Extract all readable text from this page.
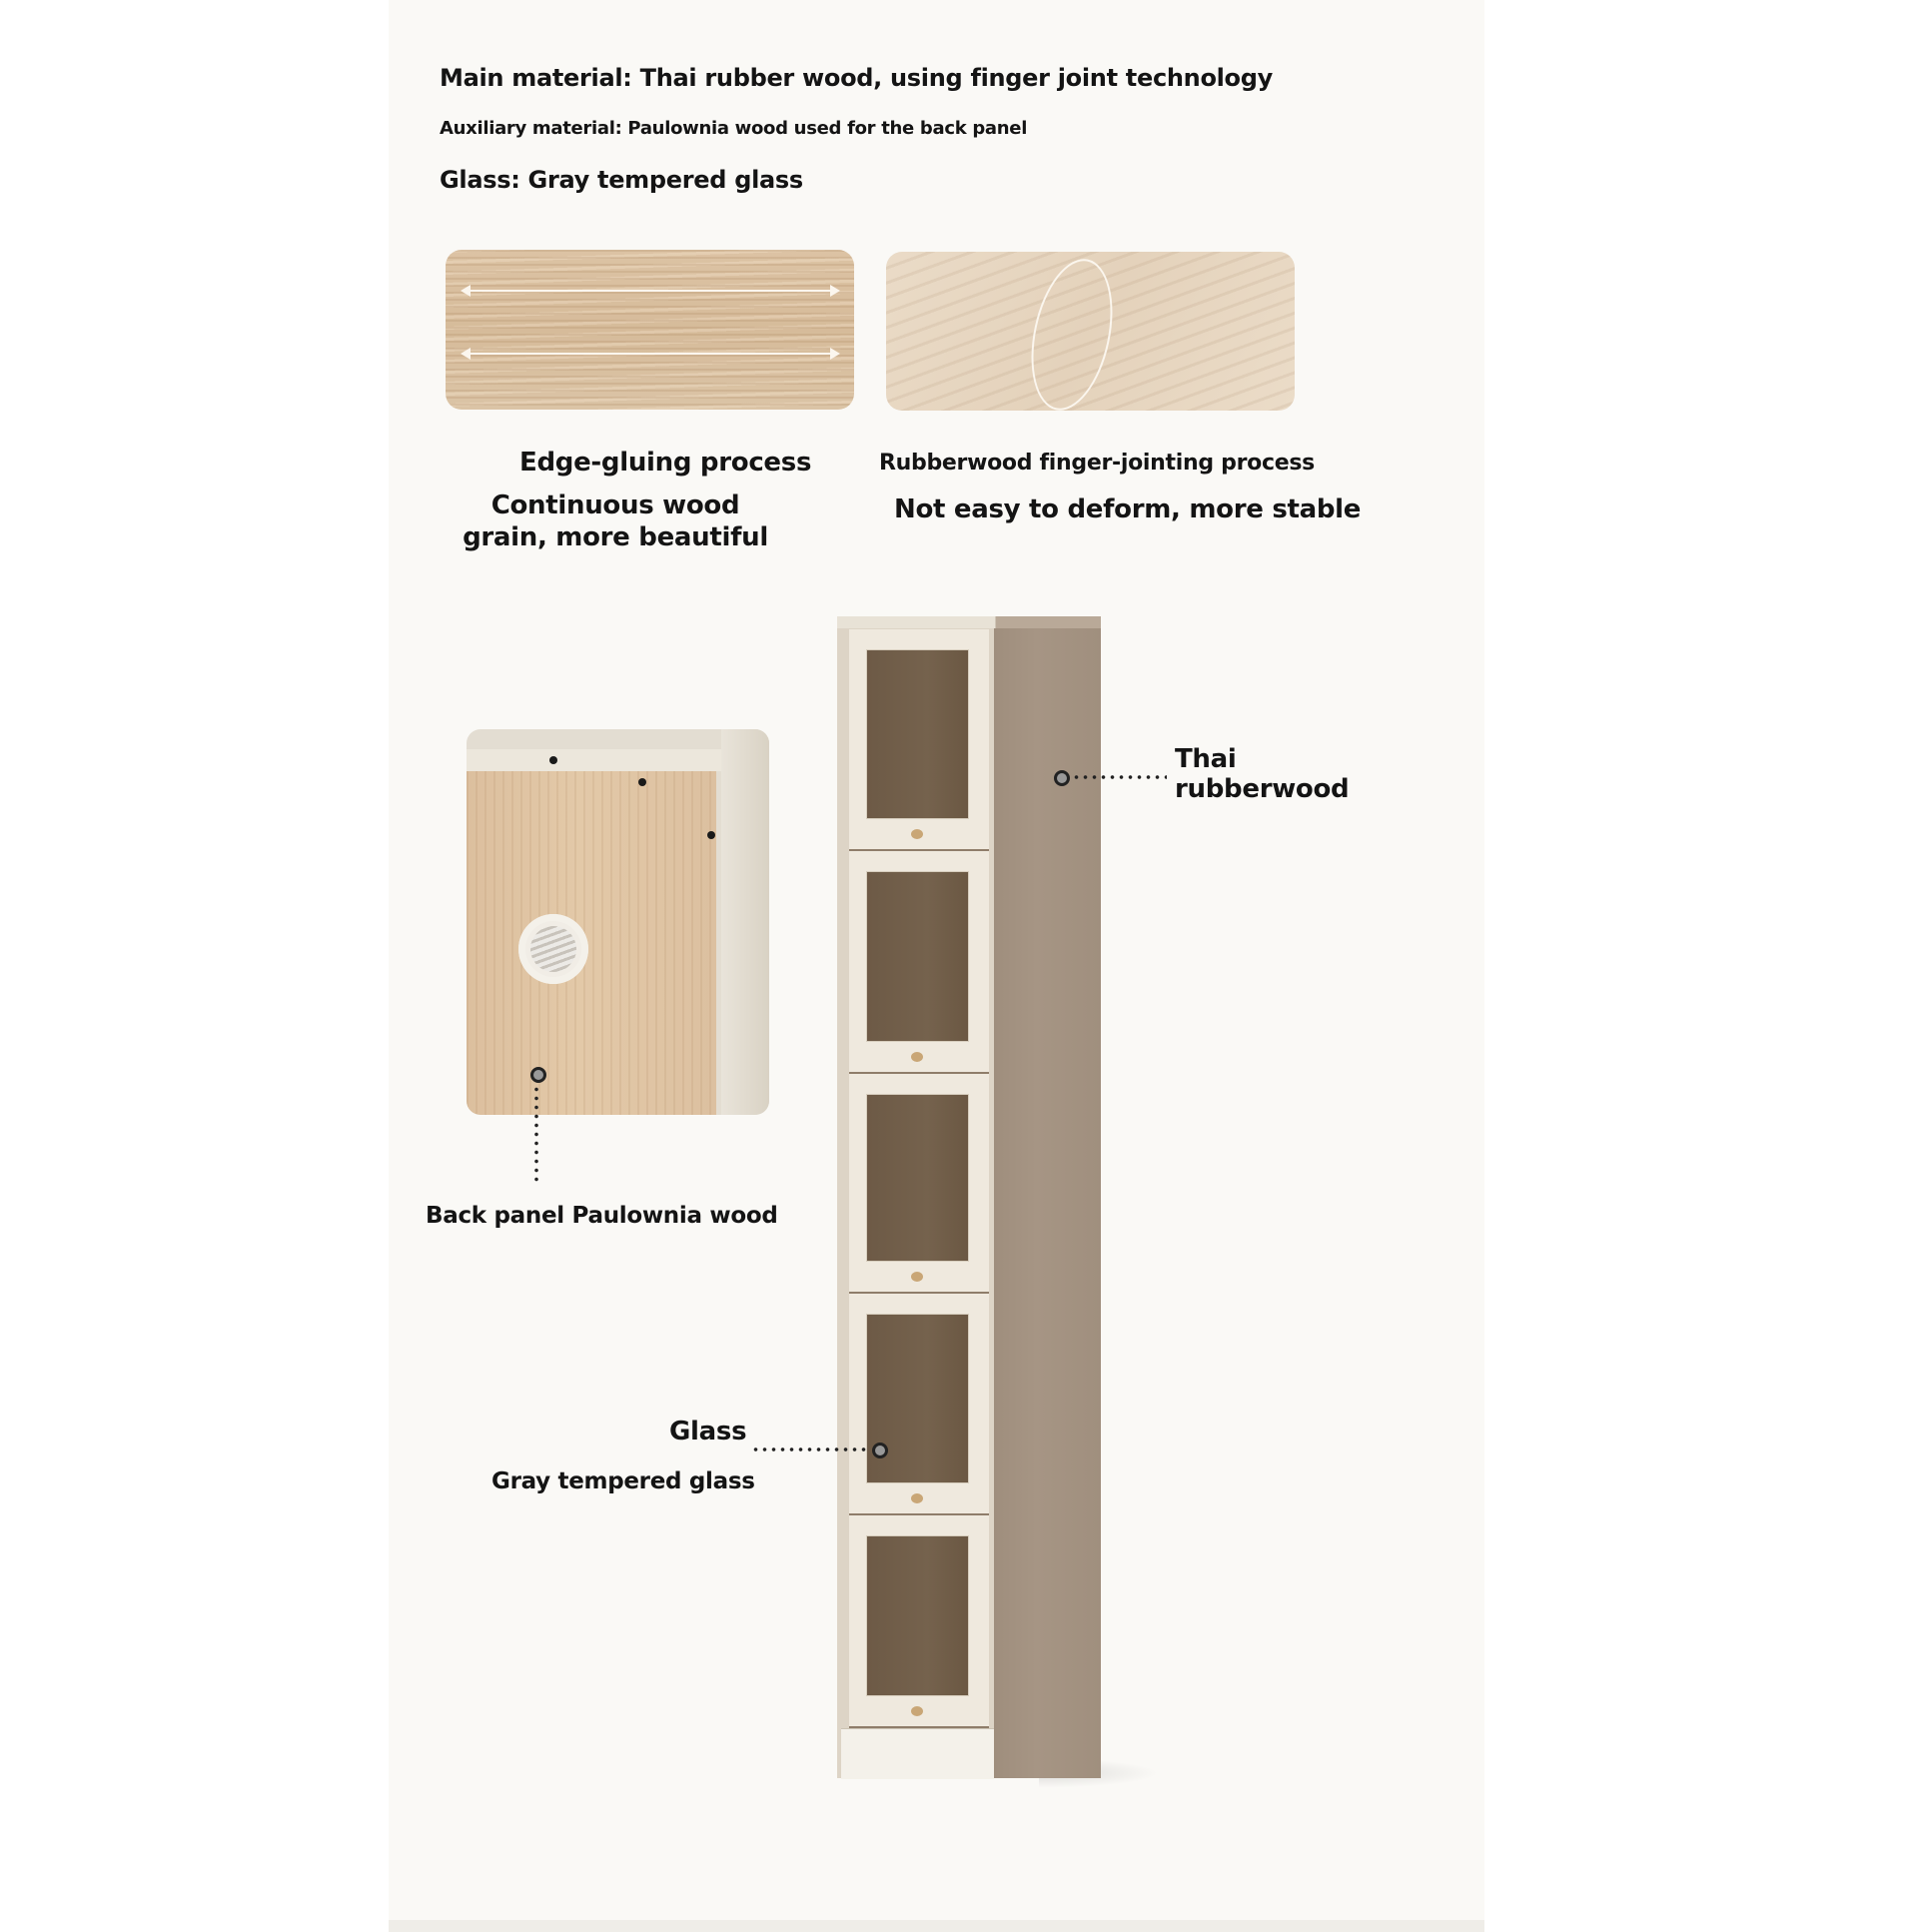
Main material: Thai rubber wood, using finger joint technology
Auxiliary material: Paulownia wood used for the back panel
Glass: Gray tempered glass
Edge-gluing process
Continuous wood grain, more beautiful
Rubberwood finger-jointing process
Not easy to deform, more stable
Back panel Paulownia wood
Thai rubberwood
Glass
Gray tempered glass
